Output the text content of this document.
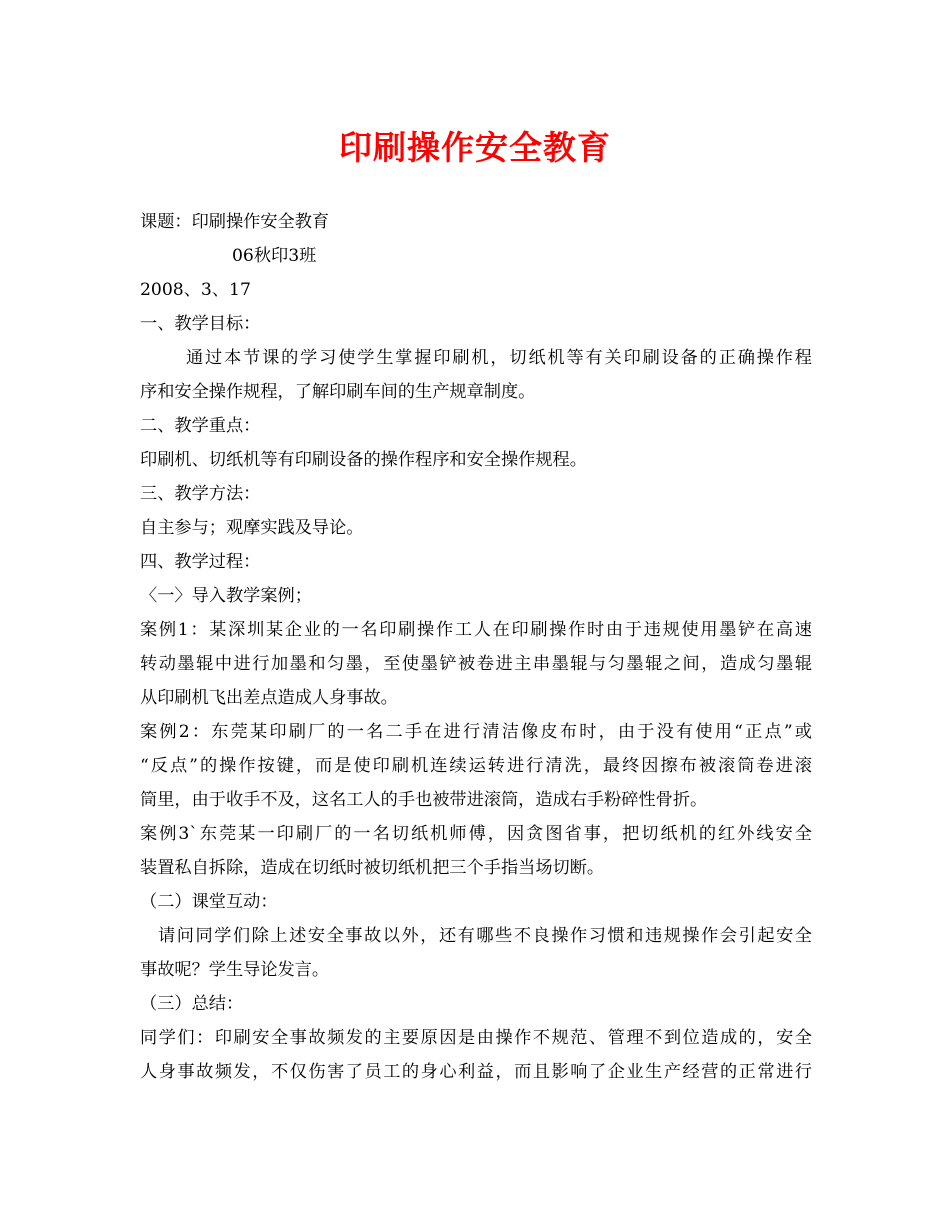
印刷操作安全教育
课题：印刷操作安全教育
06秋印3班
2008、3、17
一、教学目标：
通过本节课的学习使学生掌握印刷机，切纸机等有关印刷设备的正确操作程
序和安全操作规程，了解印刷车间的生产规章制度。
二、教学重点：
印刷机、切纸机等有印刷设备的操作程序和安全操作规程。
三、教学方法：
自主参与；观摩实践及导论。
四、教学过程：
〈一〉导入教学案例；
案例1：某深圳某企业的一名印刷操作工人在印刷操作时由于违规使用墨铲在高速
转动墨辊中进行加墨和匀墨，至使墨铲被卷进主串墨辊与匀墨辊之间，造成匀墨辊
从印刷机飞出差点造成人身事故。
案例2：东莞某印刷厂的一名二手在进行清洁像皮布时，由于没有使用“正点”或
“反点”的操作按键，而是使印刷机连续运转进行清洗，最终因擦布被滚筒卷进滚
筒里，由于收手不及，这名工人的手也被带进滚筒，造成右手粉碎性骨折。
案例3`东莞某一印刷厂的一名切纸机师傅，因贪图省事，把切纸机的红外线安全
装置私自拆除，造成在切纸时被切纸机把三个手指当场切断。
（二）课堂互动：
请问同学们除上述安全事故以外，还有哪些不良操作习惯和违规操作会引起安全
事故呢？学生导论发言。
（三）总结：
同学们：印刷安全事故频发的主要原因是由操作不规范、管理不到位造成的，安全
人身事故频发，不仅伤害了员工的身心利益，而且影响了企业生产经营的正常进行
